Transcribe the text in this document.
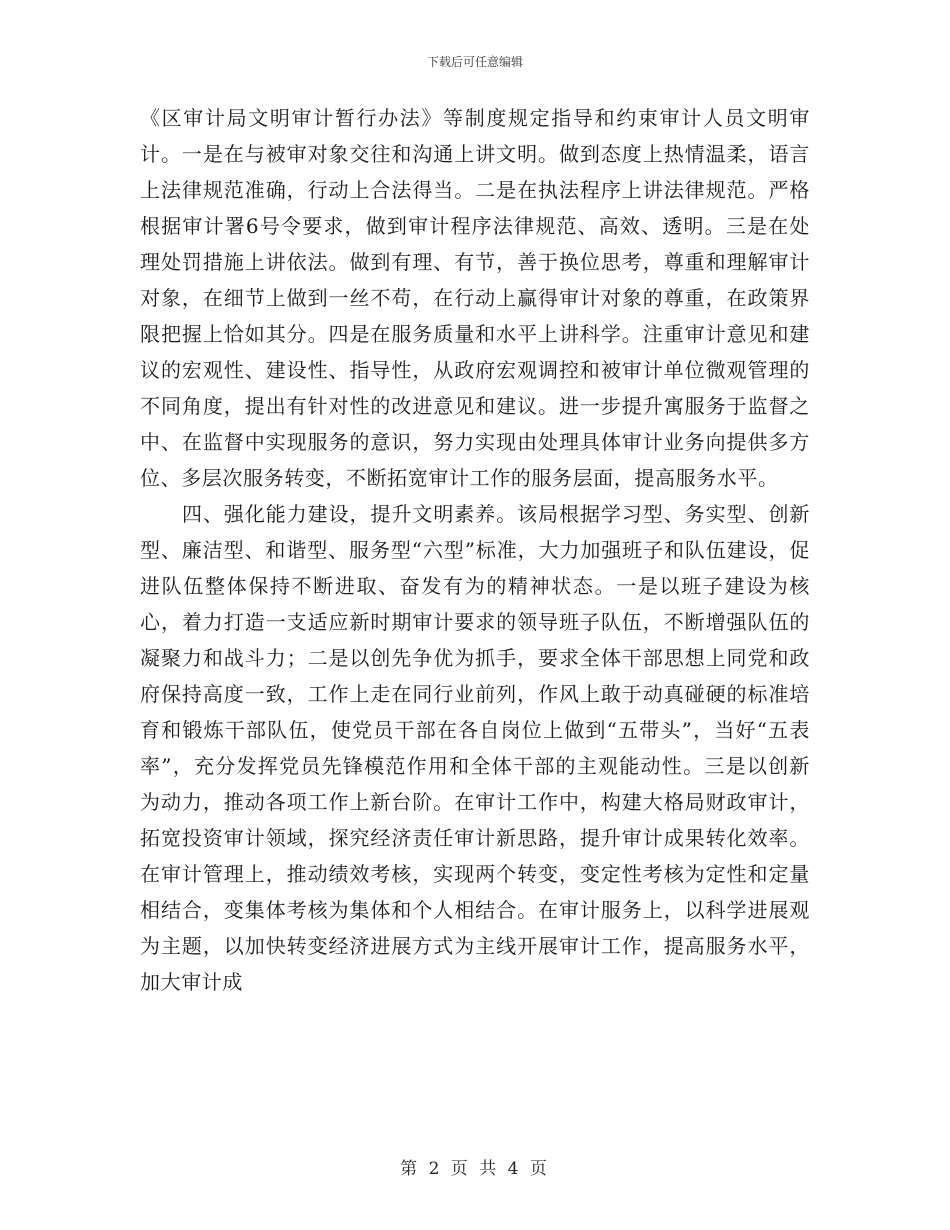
下载后可任意编辑

《区审计局文明审计暂行办法》等制度规定指导和约束审计人员文明审计。一是在与被审对象交往和沟通上讲文明。做到态度上热情温柔，语言上法律规范准确，行动上合法得当。二是在执法程序上讲法律规范。严格根据审计署6号令要求，做到审计程序法律规范、高效、透明。三是在处理处罚措施上讲依法。做到有理、有节，善于换位思考，尊重和理解审计对象，在细节上做到一丝不苟，在行动上赢得审计对象的尊重，在政策界限把握上恰如其分。四是在服务质量和水平上讲科学。注重审计意见和建议的宏观性、建设性、指导性，从政府宏观调控和被审计单位微观管理的不同角度，提出有针对性的改进意见和建议。进一步提升寓服务于监督之中、在监督中实现服务的意识，努力实现由处理具体审计业务向提供多方位、多层次服务转变，不断拓宽审计工作的服务层面，提高服务水平。

四、强化能力建设，提升文明素养。该局根据学习型、务实型、创新型、廉洁型、和谐型、服务型“六型”标准，大力加强班子和队伍建设，促进队伍整体保持不断进取、奋发有为的精神状态。一是以班子建设为核心，着力打造一支适应新时期审计要求的领导班子队伍，不断增强队伍的凝聚力和战斗力；二是以创先争优为抓手，要求全体干部思想上同党和政府保持高度一致，工作上走在同行业前列，作风上敢于动真碰硬的标准培育和锻炼干部队伍，使党员干部在各自岗位上做到“五带头”，当好“五表率”，充分发挥党员先锋模范作用和全体干部的主观能动性。三是以创新为动力，推动各项工作上新台阶。在审计工作中，构建大格局财政审计，拓宽投资审计领域，探究经济责任审计新思路，提升审计成果转化效率。在审计管理上，推动绩效考核，实现两个转变，变定性考核为定性和定量相结合，变集体考核为集体和个人相结合。在审计服务上，以科学进展观为主题，以加快转变经济进展方式为主线开展审计工作，提高服务水平，加大审计成

第 2 页 共 4 页
